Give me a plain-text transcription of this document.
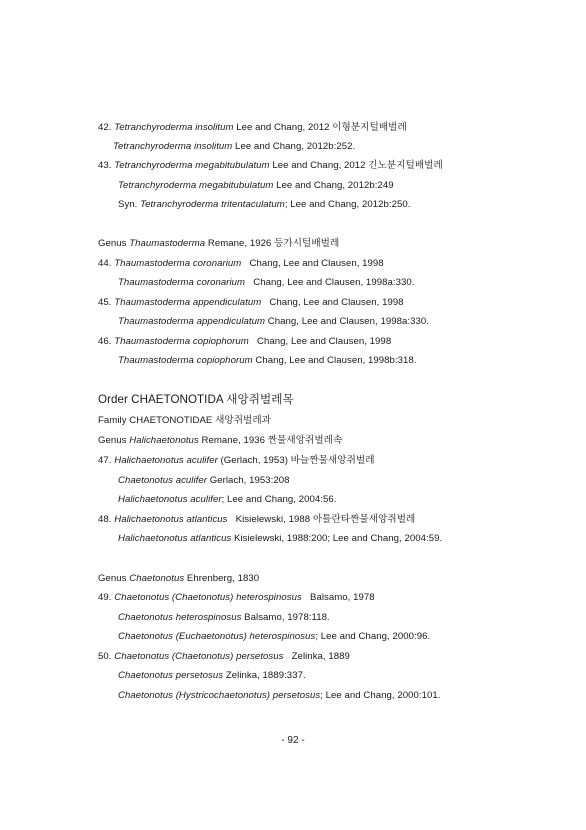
42. Tetranchyroderma insolitum Lee and Chang, 2012 이형분지털배벌레
Tetranchyroderma insolitum Lee and Chang, 2012b:252.
43. Tetranchyroderma megabitubulatum Lee and Chang, 2012 긴노분지털배벌레
Tetranchyroderma megabitubulatum Lee and Chang, 2012b:249
Syn. Tetranchyroderma tritentaculatum; Lee and Chang, 2012b:250.
Genus Thaumastoderma Remane, 1926 등가시털배벌레
44. Thaumastoderma coronarium   Chang, Lee and Clausen, 1998
Thaumastoderma coronarium   Chang, Lee and Clausen, 1998a:330.
45. Thaumastoderma appendiculatum   Chang, Lee and Clausen, 1998
Thaumastoderma appendiculatum Chang, Lee and Clausen, 1998a:330.
46. Thaumastoderma copiophorum   Chang, Lee and Clausen, 1998
Thaumastoderma copiophorum Chang, Lee and Clausen, 1998b:318.
Order CHAETONOTIDA 새앙쥐벌레목
Family CHAETONOTIDAE 새앙쥐벌레과
Genus Halichaetonotus Remane, 1936 짠물새앙쥐벌레속
47. Halichaetonotus aculifer (Gerlach, 1953) 바늘짠물새앙쥐벌레
Chaetonotus aculifer Gerlach, 1953:208
Halichaetonotus aculifer; Lee and Chang, 2004:56.
48. Halichaetonotus atlanticus   Kisielewski, 1988 아틀란타짠물새앙쥐벌레
Halichaetonotus atlanticus Kisielewski, 1988:200; Lee and Chang, 2004:59.
Genus Chaetonotus Ehrenberg, 1830
49. Chaetonotus (Chaetonotus) heterospinosus   Balsamo, 1978
Chaetonotus heterospinosus Balsamo, 1978:118.
Chaetonotus (Euchaetonotus) heterospinosus; Lee and Chang, 2000:96.
50. Chaetonotus (Chaetonotus) persetosus   Zelinka, 1889
Chaetonotus persetosus Zelinka, 1889:337.
Chaetonotus (Hystricochaetonotus) persetosus; Lee and Chang, 2000:101.
- 92 -
